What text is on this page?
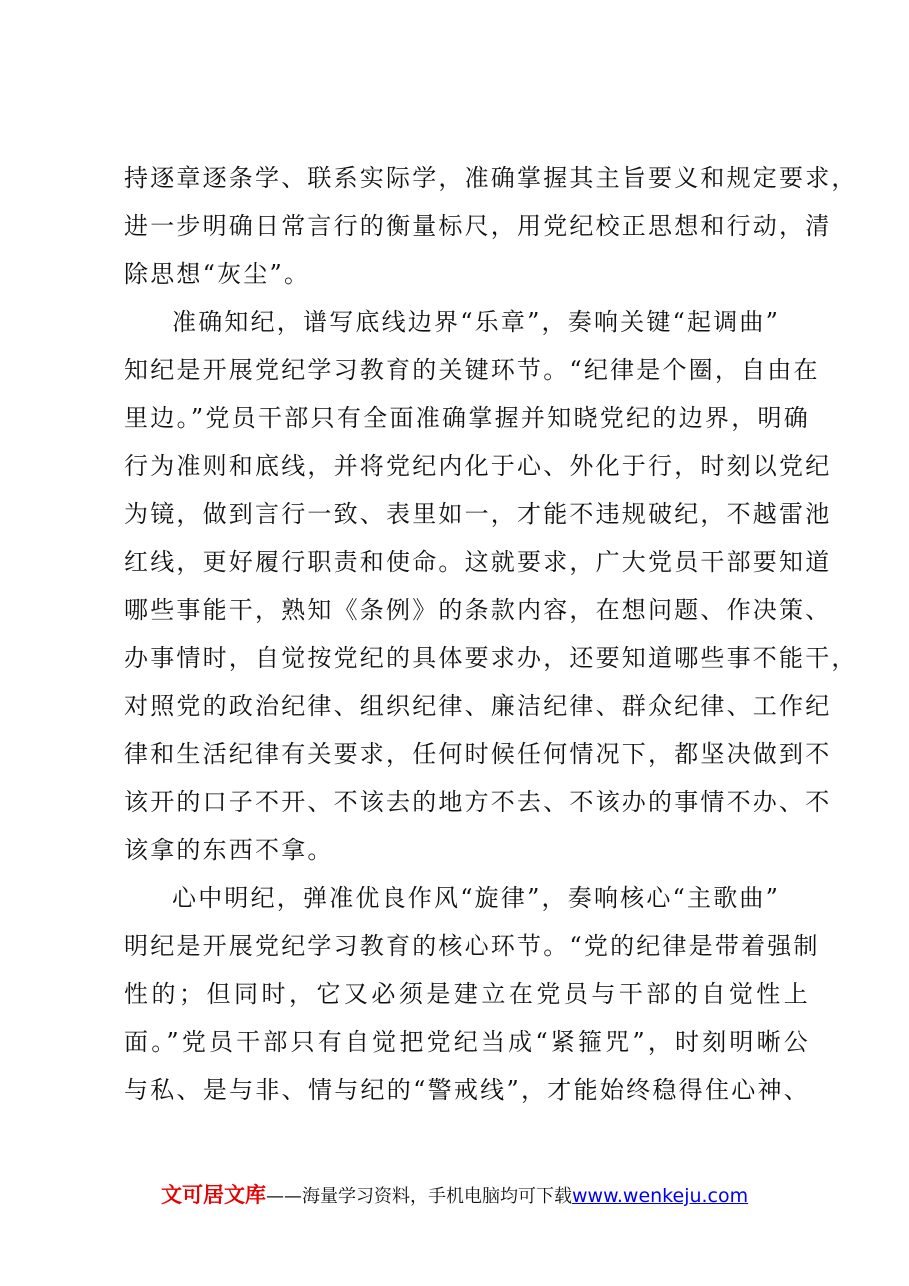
持逐章逐条学、联系实际学，准确掌握其主旨要义和规定要求，
进一步明确日常言行的衡量标尺，用党纪校正思想和行动，清
除思想“灰尘”。
准确知纪，谱写底线边界“乐章”，奏响关键“起调曲”
知纪是开展党纪学习教育的关键环节。“纪律是个圈，自由在
里边。”党员干部只有全面准确掌握并知晓党纪的边界，明确
行为准则和底线，并将党纪内化于心、外化于行，时刻以党纪
为镜，做到言行一致、表里如一，才能不违规破纪，不越雷池
红线，更好履行职责和使命。这就要求，广大党员干部要知道
哪些事能干，熟知《条例》的条款内容，在想问题、作决策、
办事情时，自觉按党纪的具体要求办，还要知道哪些事不能干，
对照党的政治纪律、组织纪律、廉洁纪律、群众纪律、工作纪
律和生活纪律有关要求，任何时候任何情况下，都坚决做到不
该开的口子不开、不该去的地方不去、不该办的事情不办、不
该拿的东西不拿。
心中明纪，弹准优良作风“旋律”，奏响核心“主歌曲”
明纪是开展党纪学习教育的核心环节。“党的纪律是带着强制
性的；但同时，它又必须是建立在党员与干部的自觉性上
面。”党员干部只有自觉把党纪当成“紧箍咒”，时刻明晰公
与私、是与非、情与纪的“警戒线”，才能始终稳得住心神、
文可居文库——海量学习资料，手机电脑均可下载www.wenkeju.com
